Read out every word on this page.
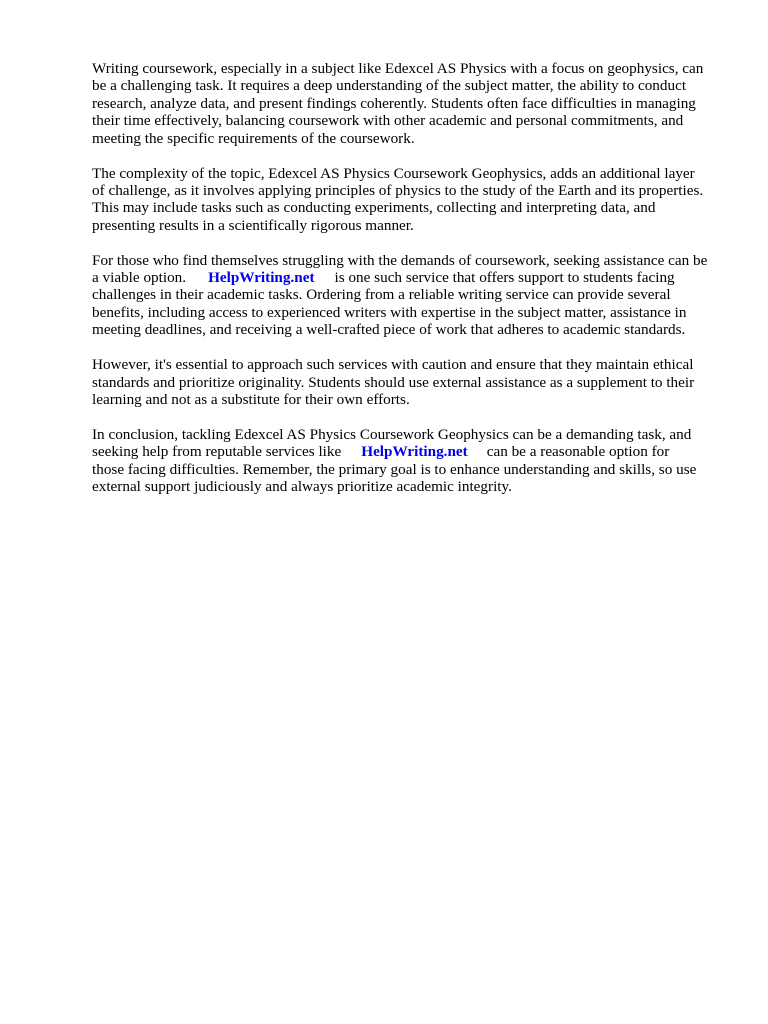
Writing coursework, especially in a subject like Edexcel AS Physics with a focus on geophysics, can
be a challenging task. It requires a deep understanding of the subject matter, the ability to conduct
research, analyze data, and present findings coherently. Students often face difficulties in managing
their time effectively, balancing coursework with other academic and personal commitments, and
meeting the specific requirements of the coursework.

The complexity of the topic, Edexcel AS Physics Coursework Geophysics, adds an additional layer
of challenge, as it involves applying principles of physics to the study of the Earth and its properties.
This may include tasks such as conducting experiments, collecting and interpreting data, and
presenting results in a scientifically rigorous manner.

For those who find themselves struggling with the demands of coursework, seeking assistance can be
a viable option. HelpWriting.net is one such service that offers support to students facing
challenges in their academic tasks. Ordering from a reliable writing service can provide several
benefits, including access to experienced writers with expertise in the subject matter, assistance in
meeting deadlines, and receiving a well-crafted piece of work that adheres to academic standards.

However, it's essential to approach such services with caution and ensure that they maintain ethical
standards and prioritize originality. Students should use external assistance as a supplement to their
learning and not as a substitute for their own efforts.

In conclusion, tackling Edexcel AS Physics Coursework Geophysics can be a demanding task, and
seeking help from reputable services like HelpWriting.net can be a reasonable option for
those facing difficulties. Remember, the primary goal is to enhance understanding and skills, so use
external support judiciously and always prioritize academic integrity.
